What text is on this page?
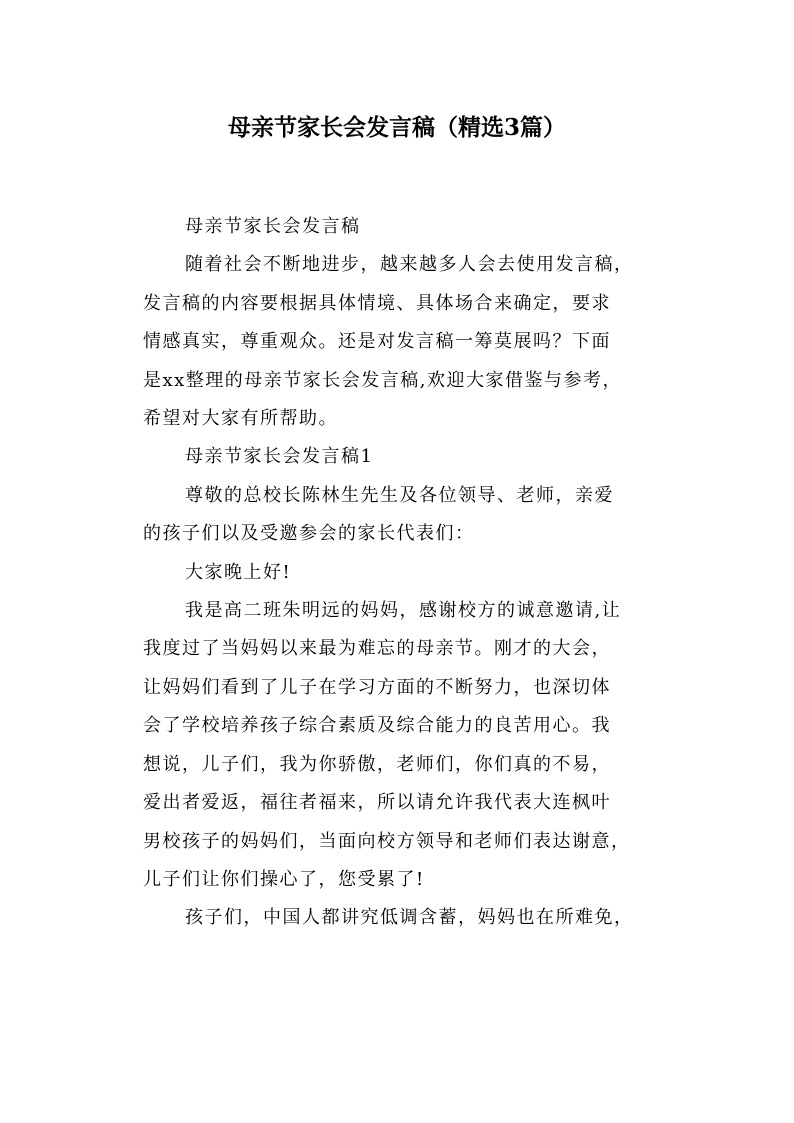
母亲节家长会发言稿（精选3篇）
母亲节家长会发言稿
随着社会不断地进步，越来越多人会去使用发言稿，
发言稿的内容要根据具体情境、具体场合来确定，要求
情感真实，尊重观众。还是对发言稿一筹莫展吗？下面
是xx整理的母亲节家长会发言稿,欢迎大家借鉴与参考，
希望对大家有所帮助。
母亲节家长会发言稿1
尊敬的总校长陈林生先生及各位领导、老师，亲爱
的孩子们以及受邀参会的家长代表们：
大家晚上好!
我是高二班朱明远的妈妈，感谢校方的诚意邀请,让
我度过了当妈妈以来最为难忘的母亲节。刚才的大会，
让妈妈们看到了儿子在学习方面的不断努力，也深切体
会了学校培养孩子综合素质及综合能力的良苦用心。我
想说，儿子们，我为你骄傲，老师们，你们真的不易，
爱出者爱返，福往者福来，所以请允许我代表大连枫叶
男校孩子的妈妈们，当面向校方领导和老师们表达谢意，
儿子们让你们操心了，您受累了!
孩子们，中国人都讲究低调含蓄，妈妈也在所难免，
